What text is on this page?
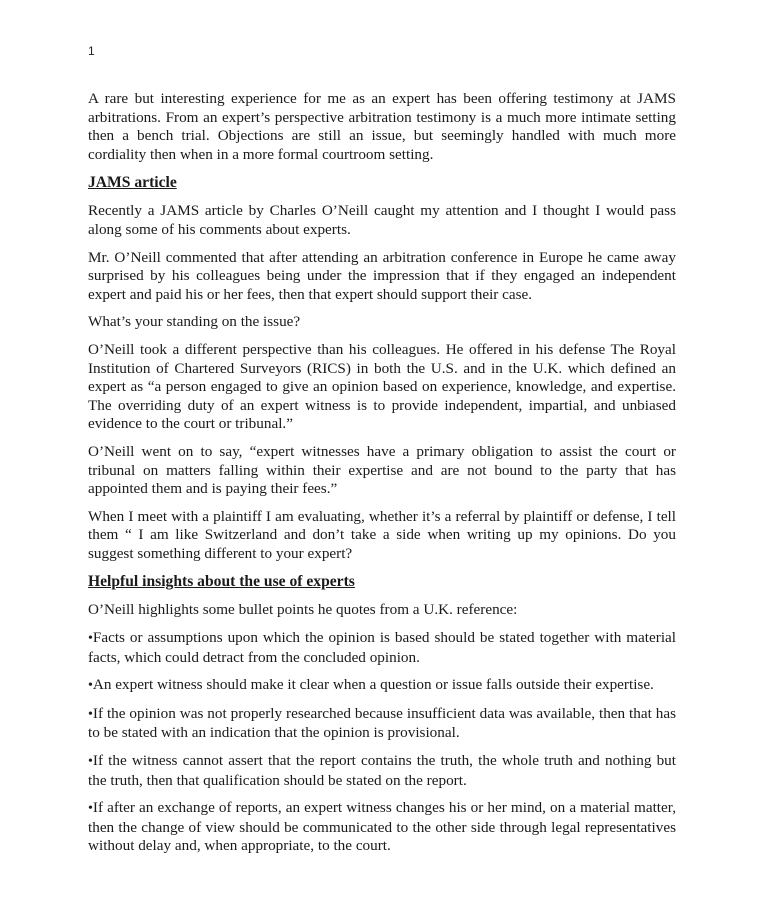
1

A rare but interesting experience for me as an expert has been offering testimony at JAMS arbitrations. From an expert’s perspective arbitration testimony is a much more intimate setting then a bench trial. Objections are still an issue, but seemingly handled with much more cordiality then when in a more formal courtroom setting.

JAMS article

Recently a JAMS article by Charles O’Neill caught my attention and I thought I would pass along some of his comments about experts.

Mr. O’Neill commented that after attending an arbitration conference in Europe he came away surprised by his colleagues being under the impression that if they engaged an independent expert and paid his or her fees, then that expert should support their case.

What’s your standing on the issue?

O’Neill took a different perspective than his colleagues. He offered in his defense The Royal Institution of Chartered Surveyors (RICS) in both the U.S. and in the U.K. which defined an expert as “a person engaged to give an opinion based on experience, knowledge, and expertise. The overriding duty of an expert witness is to provide independent, impartial, and unbiased evidence to the court or tribunal.”

O’Neill went on to say, “expert witnesses have a primary obligation to assist the court or tribunal on matters falling within their expertise and are not bound to the party that has appointed them and is paying their fees.”

When I meet with a plaintiff I am evaluating, whether it’s a referral by plaintiff or defense, I tell them “ I am like Switzerland and don’t take a side when writing up my opinions. Do you suggest something different to your expert?

Helpful insights about the use of experts

O’Neill highlights some bullet points he quotes from a U.K. reference:

•Facts or assumptions upon which the opinion is based should be stated together with material facts, which could detract from the concluded opinion.

•An expert witness should make it clear when a question or issue falls outside their expertise.

•If the opinion was not properly researched because insufficient data was available, then that has to be stated with an indication that the opinion is provisional.

•If the witness cannot assert that the report contains the truth, the whole truth and nothing but the truth, then that qualification should be stated on the report.

•If after an exchange of reports, an expert witness changes his or her mind, on a material matter, then the change of view should be communicated to the other side through legal representatives without delay and, when appropriate, to the court.
